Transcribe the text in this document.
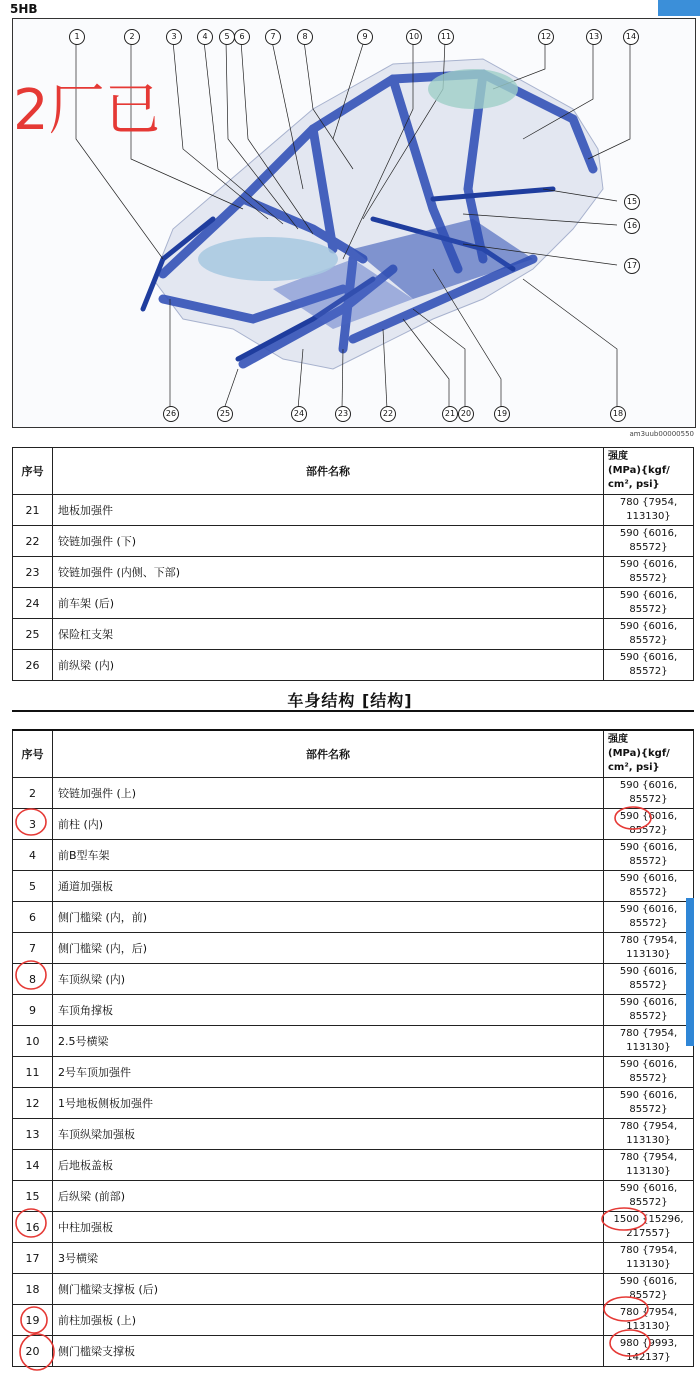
5HB
2厂已
1	2	3	4	5	6	7	8	9	10	11	12	13	14
15
16
17
18
26	25	24	23	22	21 20	19
am3uub00000550
序号	部件名称	强度
(MPa){kgf/
cm², psi}

21	地板加强件	780 {7954,
113130}
22	铰链加强件 (下)	590 {6016,
85572}
23	铰链加强件 (内侧、下部)	590 {6016,
85572}
24	前车架 (后)	590 {6016,
85572}
25	保险杠支架	590 {6016,
85572}
26	前纵梁 (内)	590 {6016,
85572}
车身结构 [结构]
序号	部件名称	强度
(MPa){kgf/
cm², psi}

2	铰链加强件 (上)	590 {6016,
85572}
3	前柱 (内)	590 {6016,
85572}
4	前B型车架	590 {6016,
85572}
5	通道加强板	590 {6016,
85572}
6	侧门槛梁 (内，前)	590 {6016,
85572}
7	侧门槛梁 (内，后)	780 {7954,
113130}
8	车顶纵梁 (内)	590 {6016,
85572}
9	车顶角撑板	590 {6016,
85572}
10	2.5号横梁	780 {7954,
113130}
11	2号车顶加强件	590 {6016,
85572}
12	1号地板侧板加强件	590 {6016,
85572}
13	车顶纵梁加强板	780 {7954,
113130}
14	后地板盖板	780 {7954,
113130}
15	后纵梁 (前部)	590 {6016,
85572}
16	中柱加强板	1500 {15296,
217557}
17	3号横梁	780 {7954,
113130}
18	侧门槛梁支撑板 (后)	590 {6016,
85572}
19	前柱加强板 (上)	780 {7954,
113130}
20	侧门槛梁支撑板	980 {9993,
142137}
